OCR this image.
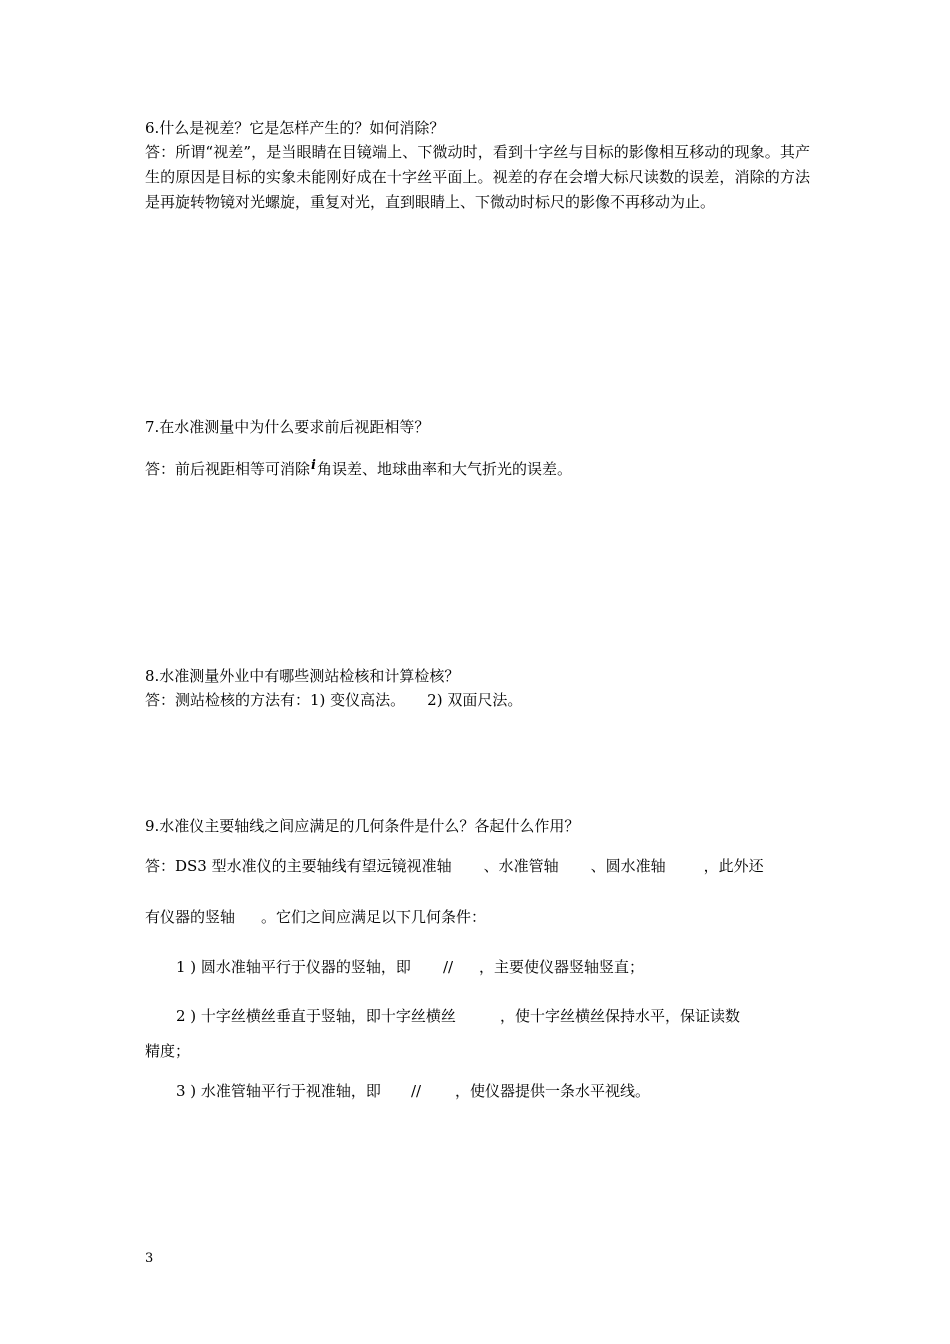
6.什么是视差？它是怎样产生的？如何消除？
答：所谓“视差”，是当眼睛在目镜端上、下微动时，看到十字丝与目标的影像相互移动的现象。其产生的原因是目标的实象未能刚好成在十字丝平面上。视差的存在会增大标尺读数的误差，消除的方法是再旋转物镜对光螺旋，重复对光，直到眼睛上、下微动时标尺的影像不再移动为止。
7.在水准测量中为什么要求前后视距相等？
答：前后视距相等可消除i角误差、地球曲率和大气折光的误差。
8.水准测量外业中有哪些测站检核和计算检核？
答：测站检核的方法有：1) 变仪高法。 2) 双面尺法。
9.水准仪主要轴线之间应满足的几何条件是什么？各起什么作用？
答：DS3 型水准仪的主要轴线有望远镜视准轴 、水准管轴 、圆水准轴	，此外还
有仪器的竖轴 。它们之间应满足以下几何条件：
1 ) 圆水准轴平行于仪器的竖轴，即 // ，主要使仪器竖轴竖直；
2 ) 十字丝横丝垂直于竖轴，即十字丝横丝	，使十字丝横丝保持水平，保证读数
精度；
3 ) 水准管轴平行于视准轴，即 // ，使仪器提供一条水平视线。
3
